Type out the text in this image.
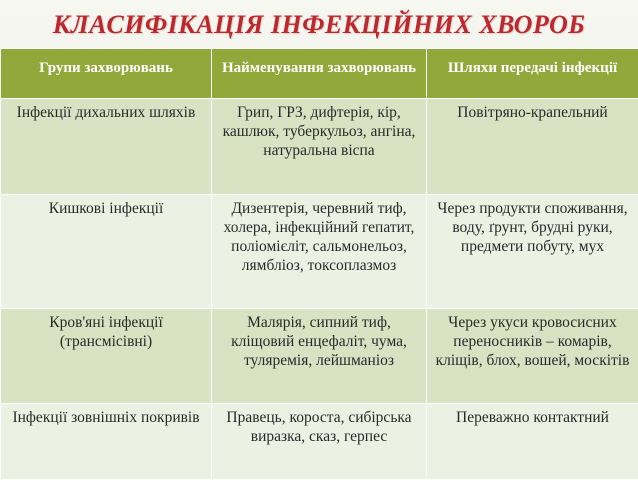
КЛАСИФІКАЦІЯ ІНФЕКЦІЙНИХ ХВОРОБ
Групи захворювань	Найменування захворювань	Шляхи передачі інфекції
Інфекції дихальних шляхів	Грип, ГРЗ, дифтерія, кір, кашлюк, туберкульоз, ангіна, натуральна віспа	Повітряно-крапельний
Кишкові інфекції	Дизентерія, черевний тиф, холера, інфекційний гепатит, поліомієліт, сальмонельоз, лямбліоз, токсоплазмоз	Через продукти споживання, воду, ґрунт, брудні руки, предмети побуту, мух
Кров'яні інфекції (трансмісівні)	Малярія, сипний тиф, кліщовий енцефаліт, чума, туляремія, лейшманіоз	Через укуси кровосисних переносників – комарів, кліщів, блох, вошей, москітів
Інфекції зовнішніх покривів	Правець, короста, сибірська виразка, сказ, герпес	Переважно контактний
